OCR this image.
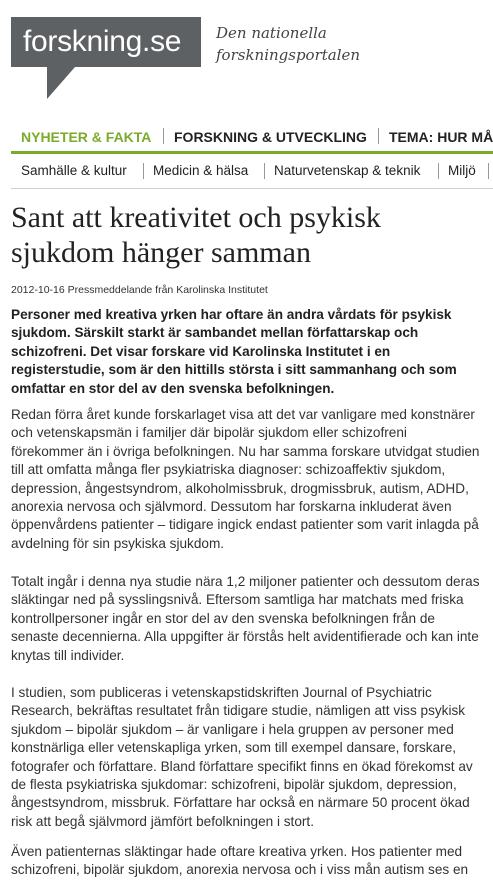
forskning.se	Den nationella
forskningsportalen
NYHETER & FAKTA FORSKNING & UTVECKLING TEMA: HUR MÅ
Samhälle & kultur Medicin & hälsa Naturvetenskap & teknik Miljö
Sant att kreativitet och psykisk sjukdom hänger samman
2012-10-16 Pressmeddelande från Karolinska Institutet

Personer med kreativa yrken har oftare än andra vårdats för psykisk sjukdom. Särskilt starkt är sambandet mellan författarskap och schizofreni. Det visar forskare vid Karolinska Institutet i en registerstudie, som är den hittills största i sitt sammanhang och som omfattar en stor del av den svenska befolkningen.

Redan förra året kunde forskarlaget visa att det var vanligare med konstnärer och vetenskapsmän i familjer där bipolär sjukdom eller schizofreni förekommer än i övriga befolkningen. Nu har samma forskare utvidgat studien till att omfatta många fler psykiatriska diagnoser: schizoaffektiv sjukdom, depression, ångestsyndrom, alkoholmissbruk, drogmissbruk, autism, ADHD, anorexia nervosa och självmord. Dessutom har forskarna inkluderat även öppenvårdens patienter – tidigare ingick endast patienter som varit inlagda på avdelning för sin psykiska sjukdom.

Totalt ingår i denna nya studie nära 1,2 miljoner patienter och dessutom deras släktingar ned på sysslingsnivå. Eftersom samtliga har matchats med friska kontrollpersoner ingår en stor del av den svenska befolkningen från de senaste decennierna. Alla uppgifter är förstås helt avidentifierade och kan inte knytas till individer.

I studien, som publiceras i vetenskapstidskriften Journal of Psychiatric Research, bekräftas resultatet från tidigare studie, nämligen att viss psykisk sjukdom – bipolär sjukdom – är vanligare i hela gruppen av personer med konstnärliga eller vetenskapliga yrken, som till exempel dansare, forskare, fotografer och författare. Bland författare specifikt finns en ökad förekomst av de flesta psykiatriska sjukdomar: schizofreni, bipolär sjukdom, depression, ångestsyndrom, missbruk. Författare har också en närmare 50 procent ökad risk att begå självmord jämfört befolkningen i stort.

Även patienternas släktingar hade oftare kreativa yrken. Hos patienter med schizofreni, bipolär sjukdom, anorexia nervosa och i viss mån autism ses en
